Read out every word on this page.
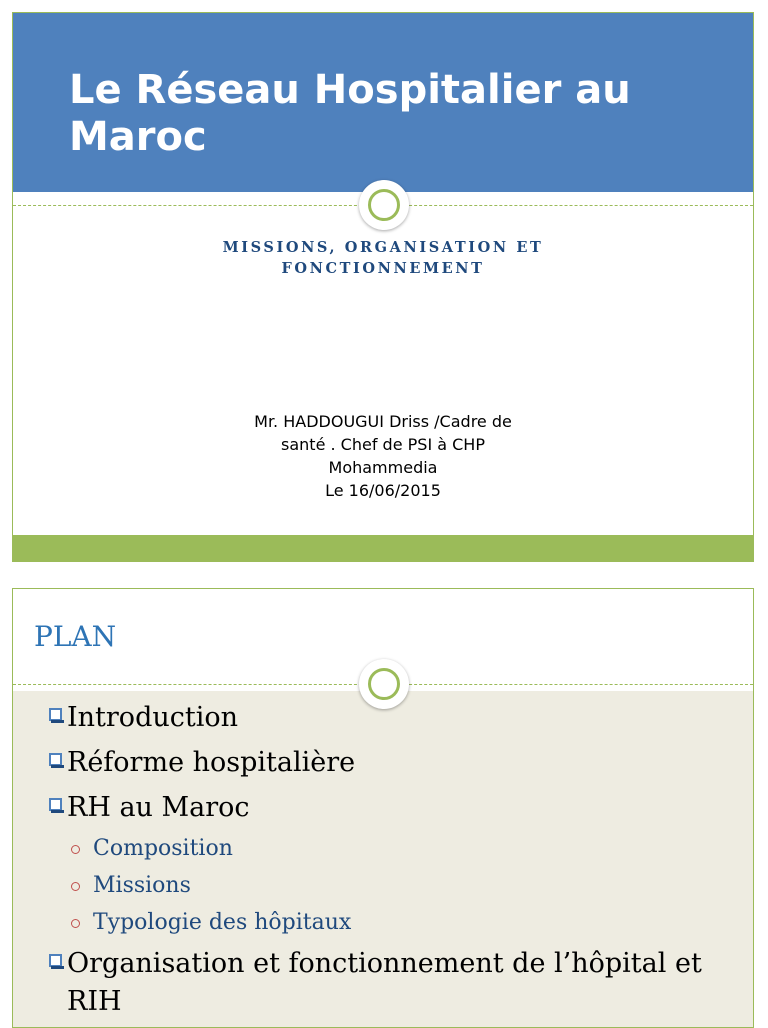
Le Réseau Hospitalier au Maroc
MISSIONS, ORGANISATION ET
FONCTIONNEMENT
Mr. HADDOUGUI Driss /Cadre de
santé . Chef de PSI à CHP
Mohammedia
Le 16/06/2015
PLAN
Introduction
Réforme hospitalière
RH au Maroc
Composition
Missions
Typologie des hôpitaux
Organisation et fonctionnement de l’hôpital et RIH
